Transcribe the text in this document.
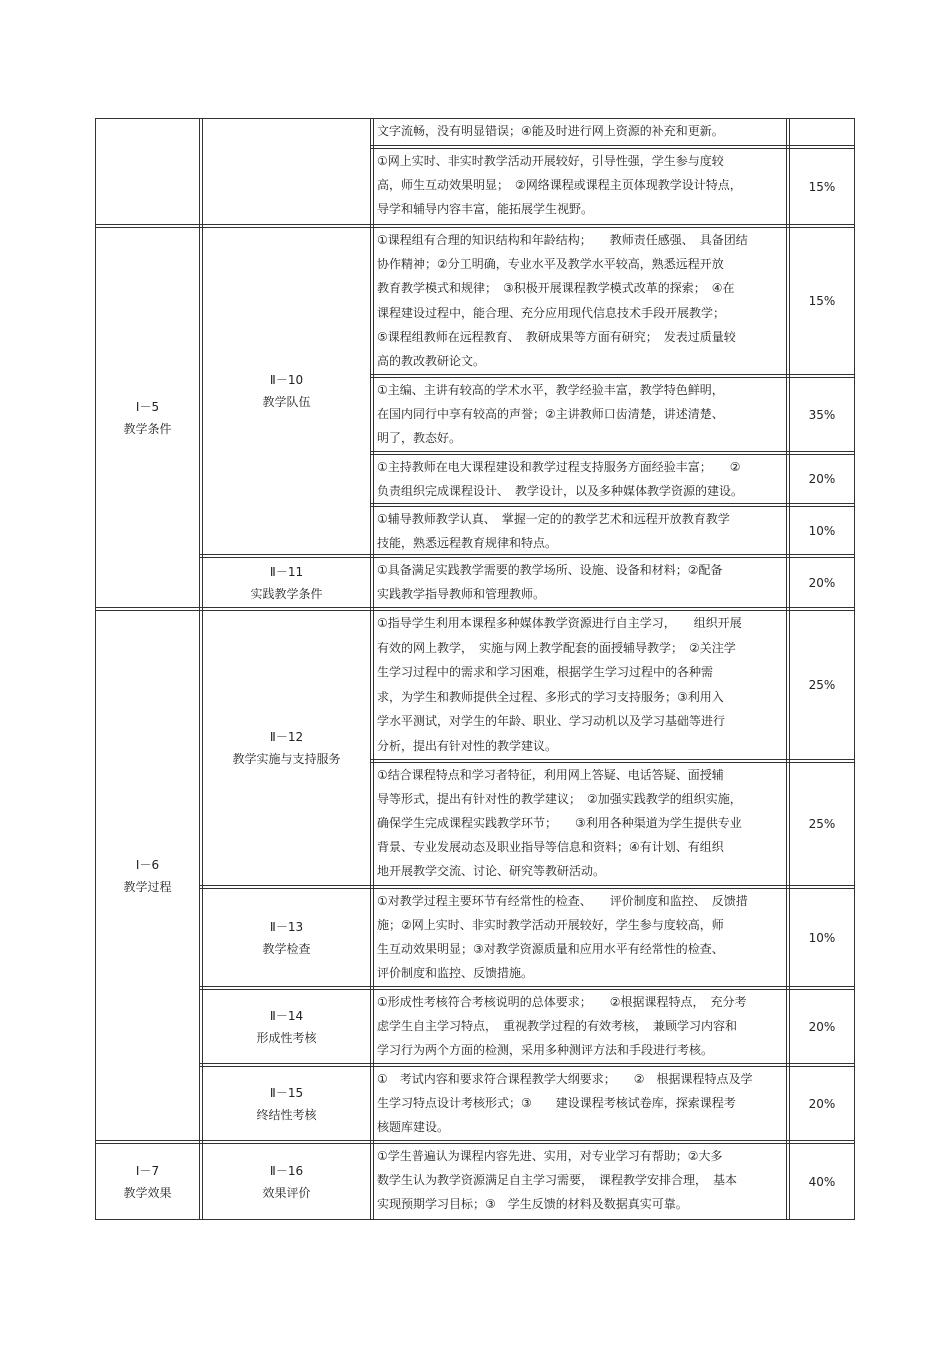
Ⅰ－5
教学条件
Ⅰ－6
教学过程
Ⅰ－7
教学效果
Ⅱ－10
教学队伍
Ⅱ－11
实践教学条件
Ⅱ－12
教学实施与支持服务
Ⅱ－13
教学检查
Ⅱ－14
形成性考核
Ⅱ－15
终结性考核
Ⅱ－16
效果评价
文字流畅，没有明显错误；④能及时进行网上资源的补充和更新。
①网上实时、非实时教学活动开展较好，引导性强，学生参与度较
高，师生互动效果明显；　②网络课程或课程主页体现教学设计特点，
导学和辅导内容丰富，能拓展学生视野。
①课程组有合理的知识结构和年龄结构；　　教师责任感强、　具备团结
协作精神；②分工明确，专业水平及教学水平较高，熟悉远程开放
教育教学模式和规律；　③积极开展课程教学模式改革的探索；　④在
课程建设过程中，能合理、充分应用现代信息技术手段开展教学；
⑤课程组教师在远程教育、　教研成果等方面有研究；　发表过质量较
高的教改教研论文。
①主编、主讲有较高的学术水平，教学经验丰富，教学特色鲜明，
在国内同行中享有较高的声誉；②主讲教师口齿清楚，讲述清楚、
明了，教态好。
①主持教师在电大课程建设和教学过程支持服务方面经验丰富；　　②
负责组织完成课程设计、　教学设计，以及多种媒体教学资源的建设。
①辅导教师教学认真、　掌握一定的的教学艺术和远程开放教育教学
技能，熟悉远程教育规律和特点。
①具备满足实践教学需要的教学场所、设施、设备和材料；②配备
实践教学指导教师和管理教师。
①指导学生利用本课程多种媒体教学资源进行自主学习，　　组织开展
有效的网上教学，　实施与网上教学配套的面授辅导教学；　②关注学
生学习过程中的需求和学习困难，根据学生学习过程中的各种需
求，为学生和教师提供全过程、多形式的学习支持服务；③利用入
学水平测试，对学生的年龄、职业、学习动机以及学习基础等进行
分析，提出有针对性的教学建议。
①结合课程特点和学习者特征，利用网上答疑、电话答疑、面授辅
导等形式，提出有针对性的教学建议；　②加强实践教学的组织实施，
确保学生完成课程实践教学环节；　　③利用各种渠道为学生提供专业
背景、专业发展动态及职业指导等信息和资料；④有计划、有组织
地开展教学交流、讨论、研究等教研活动。
①对教学过程主要环节有经常性的检查、　　评价制度和监控、　反馈措
施；②网上实时、非实时教学活动开展较好，学生参与度较高，师
生互动效果明显；③对教学资源质量和应用水平有经常性的检查、
评价制度和监控、反馈措施。
①形成性考核符合考核说明的总体要求；　　②根据课程特点，　充分考
虑学生自主学习特点，　重视教学过程的有效考核，　兼顾学习内容和
学习行为两个方面的检测，采用多种测评方法和手段进行考核。
①　考试内容和要求符合课程教学大纲要求；　　②　根据课程特点及学
生学习特点设计考核形式；③　　建设课程考核试卷库，探索课程考
核题库建设。
①学生普遍认为课程内容先进、实用，对专业学习有帮助；②大多
数学生认为教学资源满足自主学习需要，　课程教学安排合理，　基本
实现预期学习目标；③　学生反馈的材料及数据真实可靠。
15%
15%
35%
20%
10%
20%
25%
25%
10%
20%
20%
40%
